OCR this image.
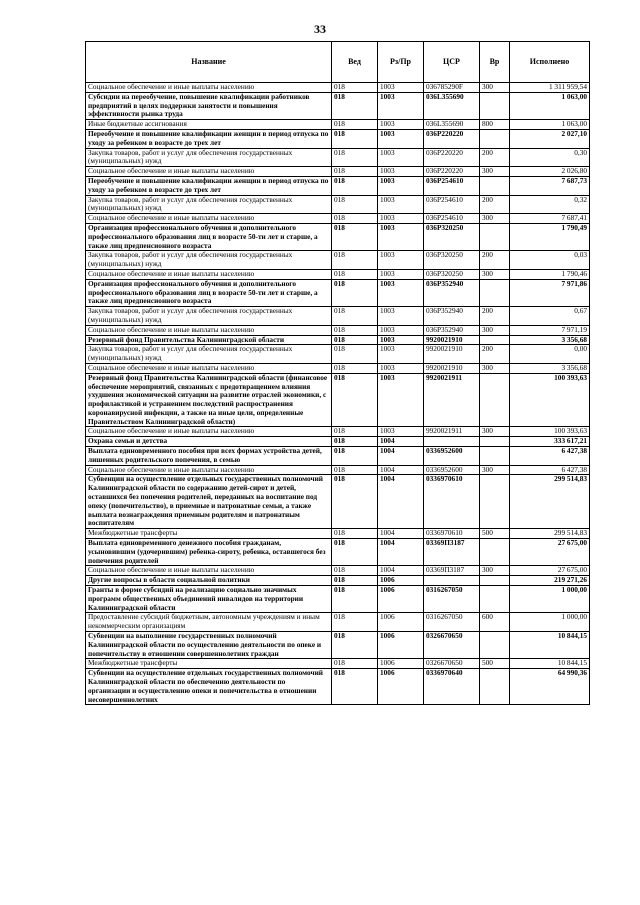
33
Название	Вед	Рз/Пр	ЦСР	Вр	Исполнено
Социальное обеспечение и иные выплаты населению	018	1003	036785290F	300	1 311 959,54
Субсидии на переобучение, повышение квалификации работников предприятий в целях поддержки занятости и повышения эффективности рынка труда	018	1003	036L355690		1 063,00
Иные бюджетные ассигнования	018	1003	036L355690	800	1 063,00
Переобучение и повышение квалификации женщин в период отпуска по уходу за ребенком в возрасте до трех лет	018	1003	036P220220		2 027,10
Закупка товаров, работ и услуг для обеспечения государственных (муниципальных) нужд	018	1003	036P220220	200	0,30
Социальное обеспечение и иные выплаты населению	018	1003	036P220220	300	2 026,80
Переобучение и повышение квалификации женщин в период отпуска по уходу за ребенком в возрасте до трех лет	018	1003	036P254610		7 687,73
Закупка товаров, работ и услуг для обеспечения государственных (муниципальных) нужд	018	1003	036P254610	200	0,32
Социальное обеспечение и иные выплаты населению	018	1003	036P254610	300	7 687,41
Организация профессионального обучения и дополнительного профессионального образования лиц в возрасте 50-ти лет и старше, а также лиц предпенсионного возраста	018	1003	036P320250		1 790,49
Закупка товаров, работ и услуг для обеспечения государственных (муниципальных) нужд	018	1003	036P320250	200	0,03
Социальное обеспечение и иные выплаты населению	018	1003	036P320250	300	1 790,46
Организация профессионального обучения и дополнительного профессионального образования лиц в возрасте 50-ти лет и старше, а также лиц предпенсионного возраста	018	1003	036P352940		7 971,86
Закупка товаров, работ и услуг для обеспечения государственных (муниципальных) нужд	018	1003	036P352940	200	0,67
Социальное обеспечение и иные выплаты населению	018	1003	036P352940	300	7 971,19
Резервный фонд Правительства Калининградской области	018	1003	9920021910		3 356,68
Закупка товаров, работ и услуг для обеспечения государственных (муниципальных) нужд	018	1003	9920021910	200	0,00
Социальное обеспечение и иные выплаты населению	018	1003	9920021910	300	3 356,68
Резервный фонд Правительства Калининградской области (финансовое обеспечение мероприятий, связанных с предотвращением влияния ухудшения экономической ситуации на развитие отраслей экономики, с профилактикой и устранением последствий распространения коронавирусной инфекции, а также на иные цели, определенные Правительством Калининградской области)	018	1003	9920021911		100 393,63
Социальное обеспечение и иные выплаты населению	018	1003	9920021911	300	100 393,63
Охрана семьи и детства	018	1004			333 617,21
Выплата единовременного пособия при всех формах устройства детей, лишенных родительского попечения, в семью	018	1004	0336952600		6 427,38
Социальное обеспечение и иные выплаты населению	018	1004	0336952600	300	6 427,38
Субвенции на осуществление отдельных государственных полномочий Калининградской области по содержанию детей-сирот и детей, оставшихся без попечения родителей, переданных на воспитание под опеку (попечительство), в приемные и патронатные семьи, а также выплата вознаграждения приемным родителям и патронатным воспитателям	018	1004	0336970610		299 514,83
Межбюджетные трансферты	018	1004	0336970610	500	299 514,83
Выплата единовременного денежного пособия гражданам, усыновившим (удочерившим) ребенка-сироту, ребенка, оставшегося без попечения родителей	018	1004	03369П3187		27 675,00
Социальное обеспечение и иные выплаты населению	018	1004	03369П3187	300	27 675,00
Другие вопросы в области социальной политики	018	1006			219 271,26
Гранты в форме субсидий на реализацию социально значимых программ общественных объединений инвалидов на территории Калининградской области	018	1006	0316267050		1 000,00
Предоставление субсидий бюджетным, автономным учреждениям и иным некоммерческим организациям	018	1006	0316267050	600	1 000,00
Субвенции на выполнение государственных полномочий Калининградской области по осуществлению деятельности по опеке и попечительству в отношении совершеннолетних граждан	018	1006	0326670650		10 844,15
Межбюджетные трансферты	018	1006	0326670650	500	10 844,15
Субвенции на осуществление отдельных государственных полномочий Калининградской области по обеспечению деятельности по организации и осуществлению опеки и попечительства в отношении несовершеннолетних	018	1006	0336970640		64 990,36
